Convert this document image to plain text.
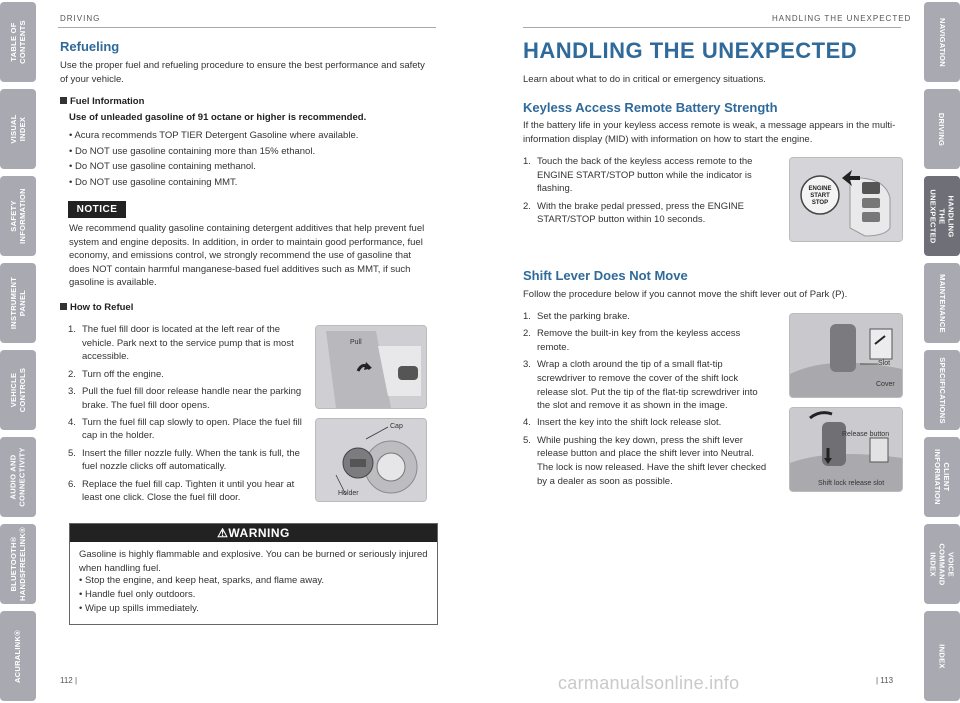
TABLE OF
CONTENTS
VISUAL INDEX
SAFETY
INFORMATION
INSTRUMENT
PANEL
VEHICLE
CONTROLS
AUDIO AND
CONNECTIVITY
BLUETOOTH®
HANDSFREELINK®
ACURALINK®
NAVIGATION
DRIVING
HANDLING THE
UNEXPECTED
MAINTENANCE
SPECIFICATIONS
CLIENT
INFORMATION
VOICE COMMAND
INDEX
INDEX
DRIVING
Refueling
Use the proper fuel and refueling procedure to ensure the best performance and safety of your vehicle.
Fuel Information
Use of unleaded gasoline of 91 octane or higher is recommended.
• Acura recommends TOP TIER Detergent Gasoline where available.
• Do NOT use gasoline containing more than 15% ethanol.
• Do NOT use gasoline containing methanol.
• Do NOT use gasoline containing MMT.
NOTICE
We recommend quality gasoline containing detergent additives that help prevent fuel system and engine deposits. In addition, in order to maintain good performance, fuel economy, and emissions control, we strongly recommend the use of gasoline that does NOT contain harmful manganese-based fuel additives such as MMT, if such gasoline is available.
How to Refuel
1. The fuel fill door is located at the left rear of the vehicle. Park next to the service pump that is most accessible.
2. Turn off the engine.
3. Pull the fuel fill door release handle near the parking brake. The fuel fill door opens.
4. Turn the fuel fill cap slowly to open. Place the fuel fill cap in the holder.
5. Insert the filler nozzle fully. When the tank is full, the fuel nozzle clicks off automatically.
6. Replace the fuel fill cap. Tighten it until you hear at least one click. Close the fuel fill door.
Pull
Cap
Holder
⚠WARNING
Gasoline is highly flammable and explosive. You can be burned or seriously injured when handling fuel.
• Stop the engine, and keep heat, sparks, and flame away.
• Handle fuel only outdoors.
• Wipe up spills immediately.
112 |
HANDLING THE UNEXPECTED
HANDLING THE UNEXPECTED
Learn about what to do in critical or emergency situations.
Keyless Access Remote Battery Strength
If the battery life in your keyless access remote is weak, a message appears in the multi-information display (MID) with information on how to start the engine.
1. Touch the back of the keyless access remote to the ENGINE START/STOP button while the indicator is flashing.
2. With the brake pedal pressed, press the ENGINE START/STOP button within 10 seconds.
ENGINE
START
STOP
Shift Lever Does Not Move
Follow the procedure below if you cannot move the shift lever out of Park (P).
1. Set the parking brake.
2. Remove the built-in key from the keyless access remote.
3. Wrap a cloth around the tip of a small flat-tip screwdriver to remove the cover of the shift lock release slot. Put the tip of the flat-tip screwdriver into the slot and remove it as shown in the image.
4. Insert the key into the shift lock release slot.
5. While pushing the key down, press the shift lever release button and place the shift lever into Neutral. The lock is now released. Have the shift lever checked by a dealer as soon as possible.
Slot
Cover
Release button
Shift lock release slot
| 113
carmanualsonline.info
